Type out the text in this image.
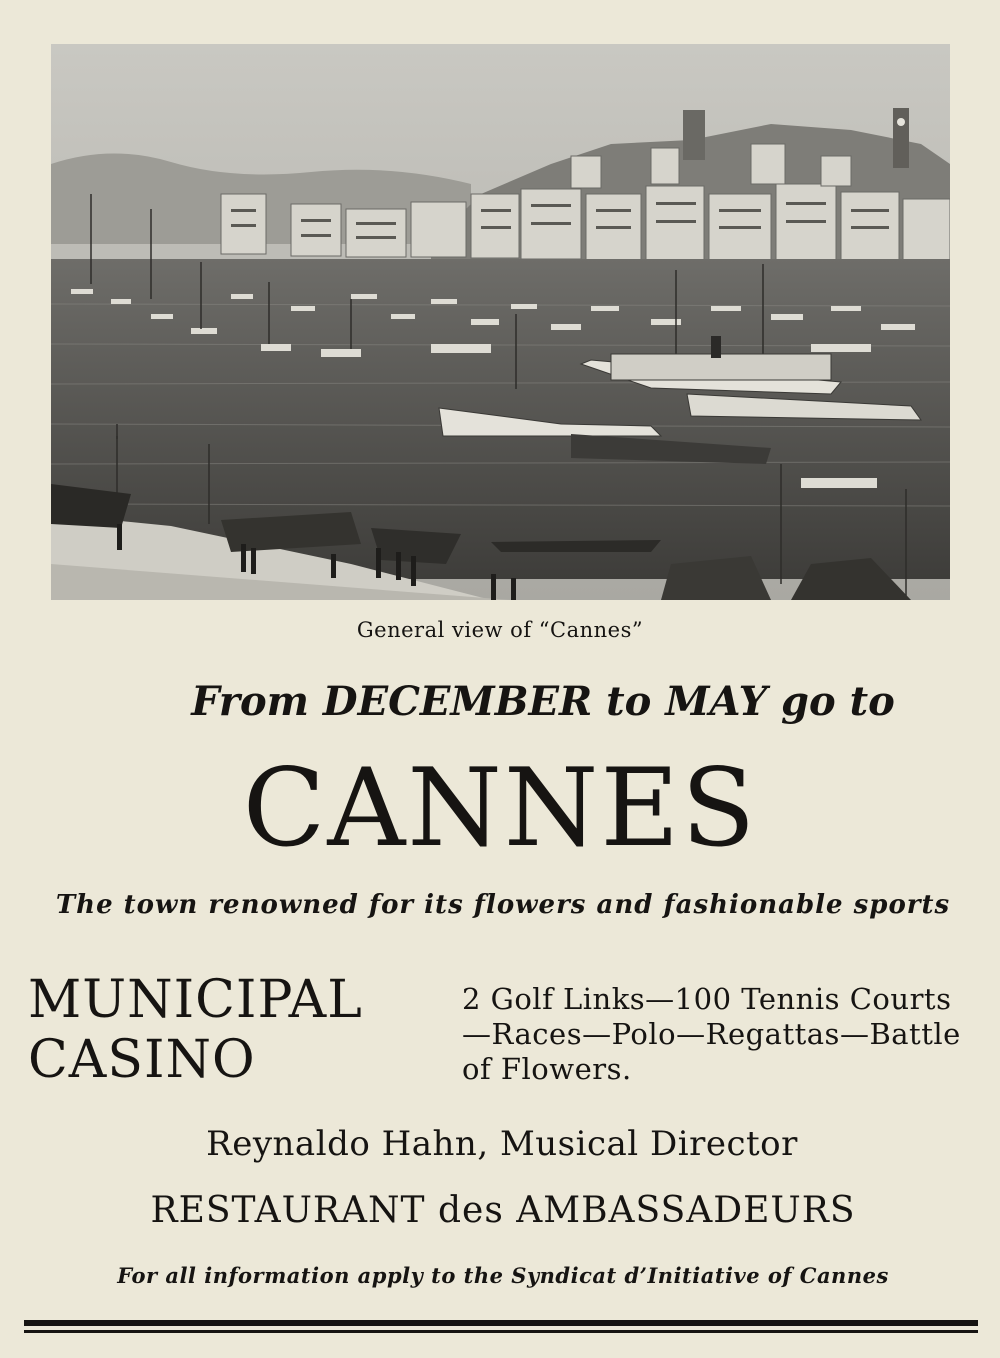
General view of “Cannes”
From DECEMBER to MAY go to
CANNES
The town renowned for its flowers and fashionable sports
MUNICIPAL
CASINO
2 Golf Links—100 Tennis Courts
—Races—Polo—Regattas—Battle
of Flowers.
Reynaldo Hahn, Musical Director
RESTAURANT des AMBASSADEURS
For all information apply to the Syndicat d’Initiative of Cannes
